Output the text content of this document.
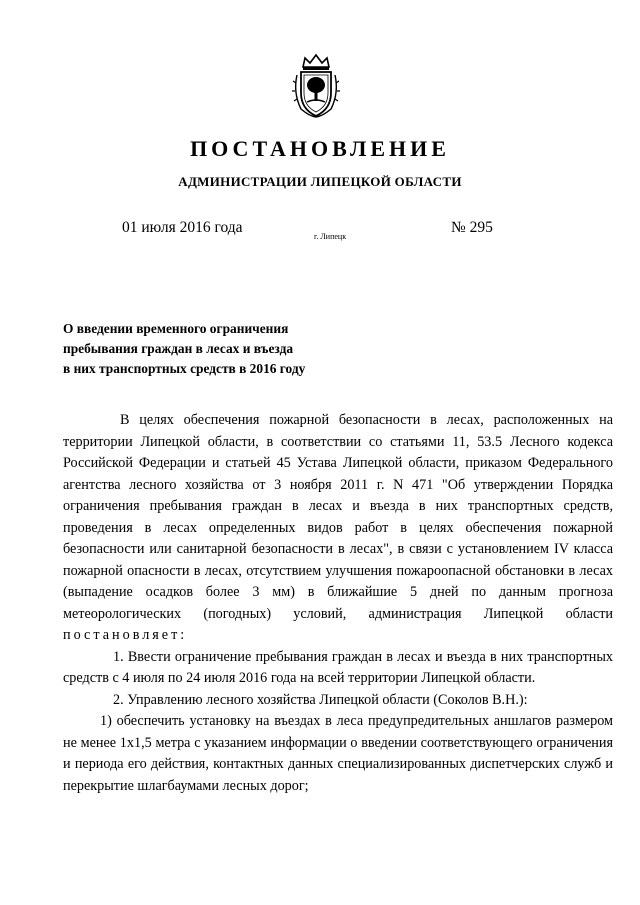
ПОСТАНОВЛЕНИЕ
АДМИНИСТРАЦИИ ЛИПЕЦКОЙ ОБЛАСТИ
01 июля 2016 года
г. Липецк
№ 295
О введении временного ограничения
пребывания граждан в лесах и въезда
в них транспортных средств в 2016 году

В целях обеспечения пожарной безопасности в лесах, расположенных на территории Липецкой области, в соответствии со статьями 11, 53.5 Лесного кодекса Российской Федерации и статьей 45 Устава Липецкой области, приказом Федерального агентства лесного хозяйства от 3 ноября 2011 г. N 471 "Об утверждении Порядка ограничения пребывания граждан в лесах и въезда в них транспортных средств, проведения в лесах определенных видов работ в целях обеспечения пожарной безопасности или санитарной безопасности в лесах", в связи с установлением IV класса пожарной опасности в лесах, отсутствием улучшения пожароопасной обстановки в лесах (выпадение осадков более 3 мм) в ближайшие 5 дней по данным прогноза метеорологических (погодных) условий, администрация Липецкой области постановляет:

1. Ввести ограничение пребывания граждан в лесах и въезда в них транспортных средств с 4 июля по 24 июля 2016 года на всей территории Липецкой области.

2. Управлению лесного хозяйства Липецкой области (Соколов В.Н.):

1) обеспечить установку на въездах в леса предупредительных аншлагов размером не менее 1x1,5 метра с указанием информации о введении соответствующего ограничения и периода его действия, контактных данных специализированных диспетчерских служб и перекрытие шлагбаумами лесных дорог;
